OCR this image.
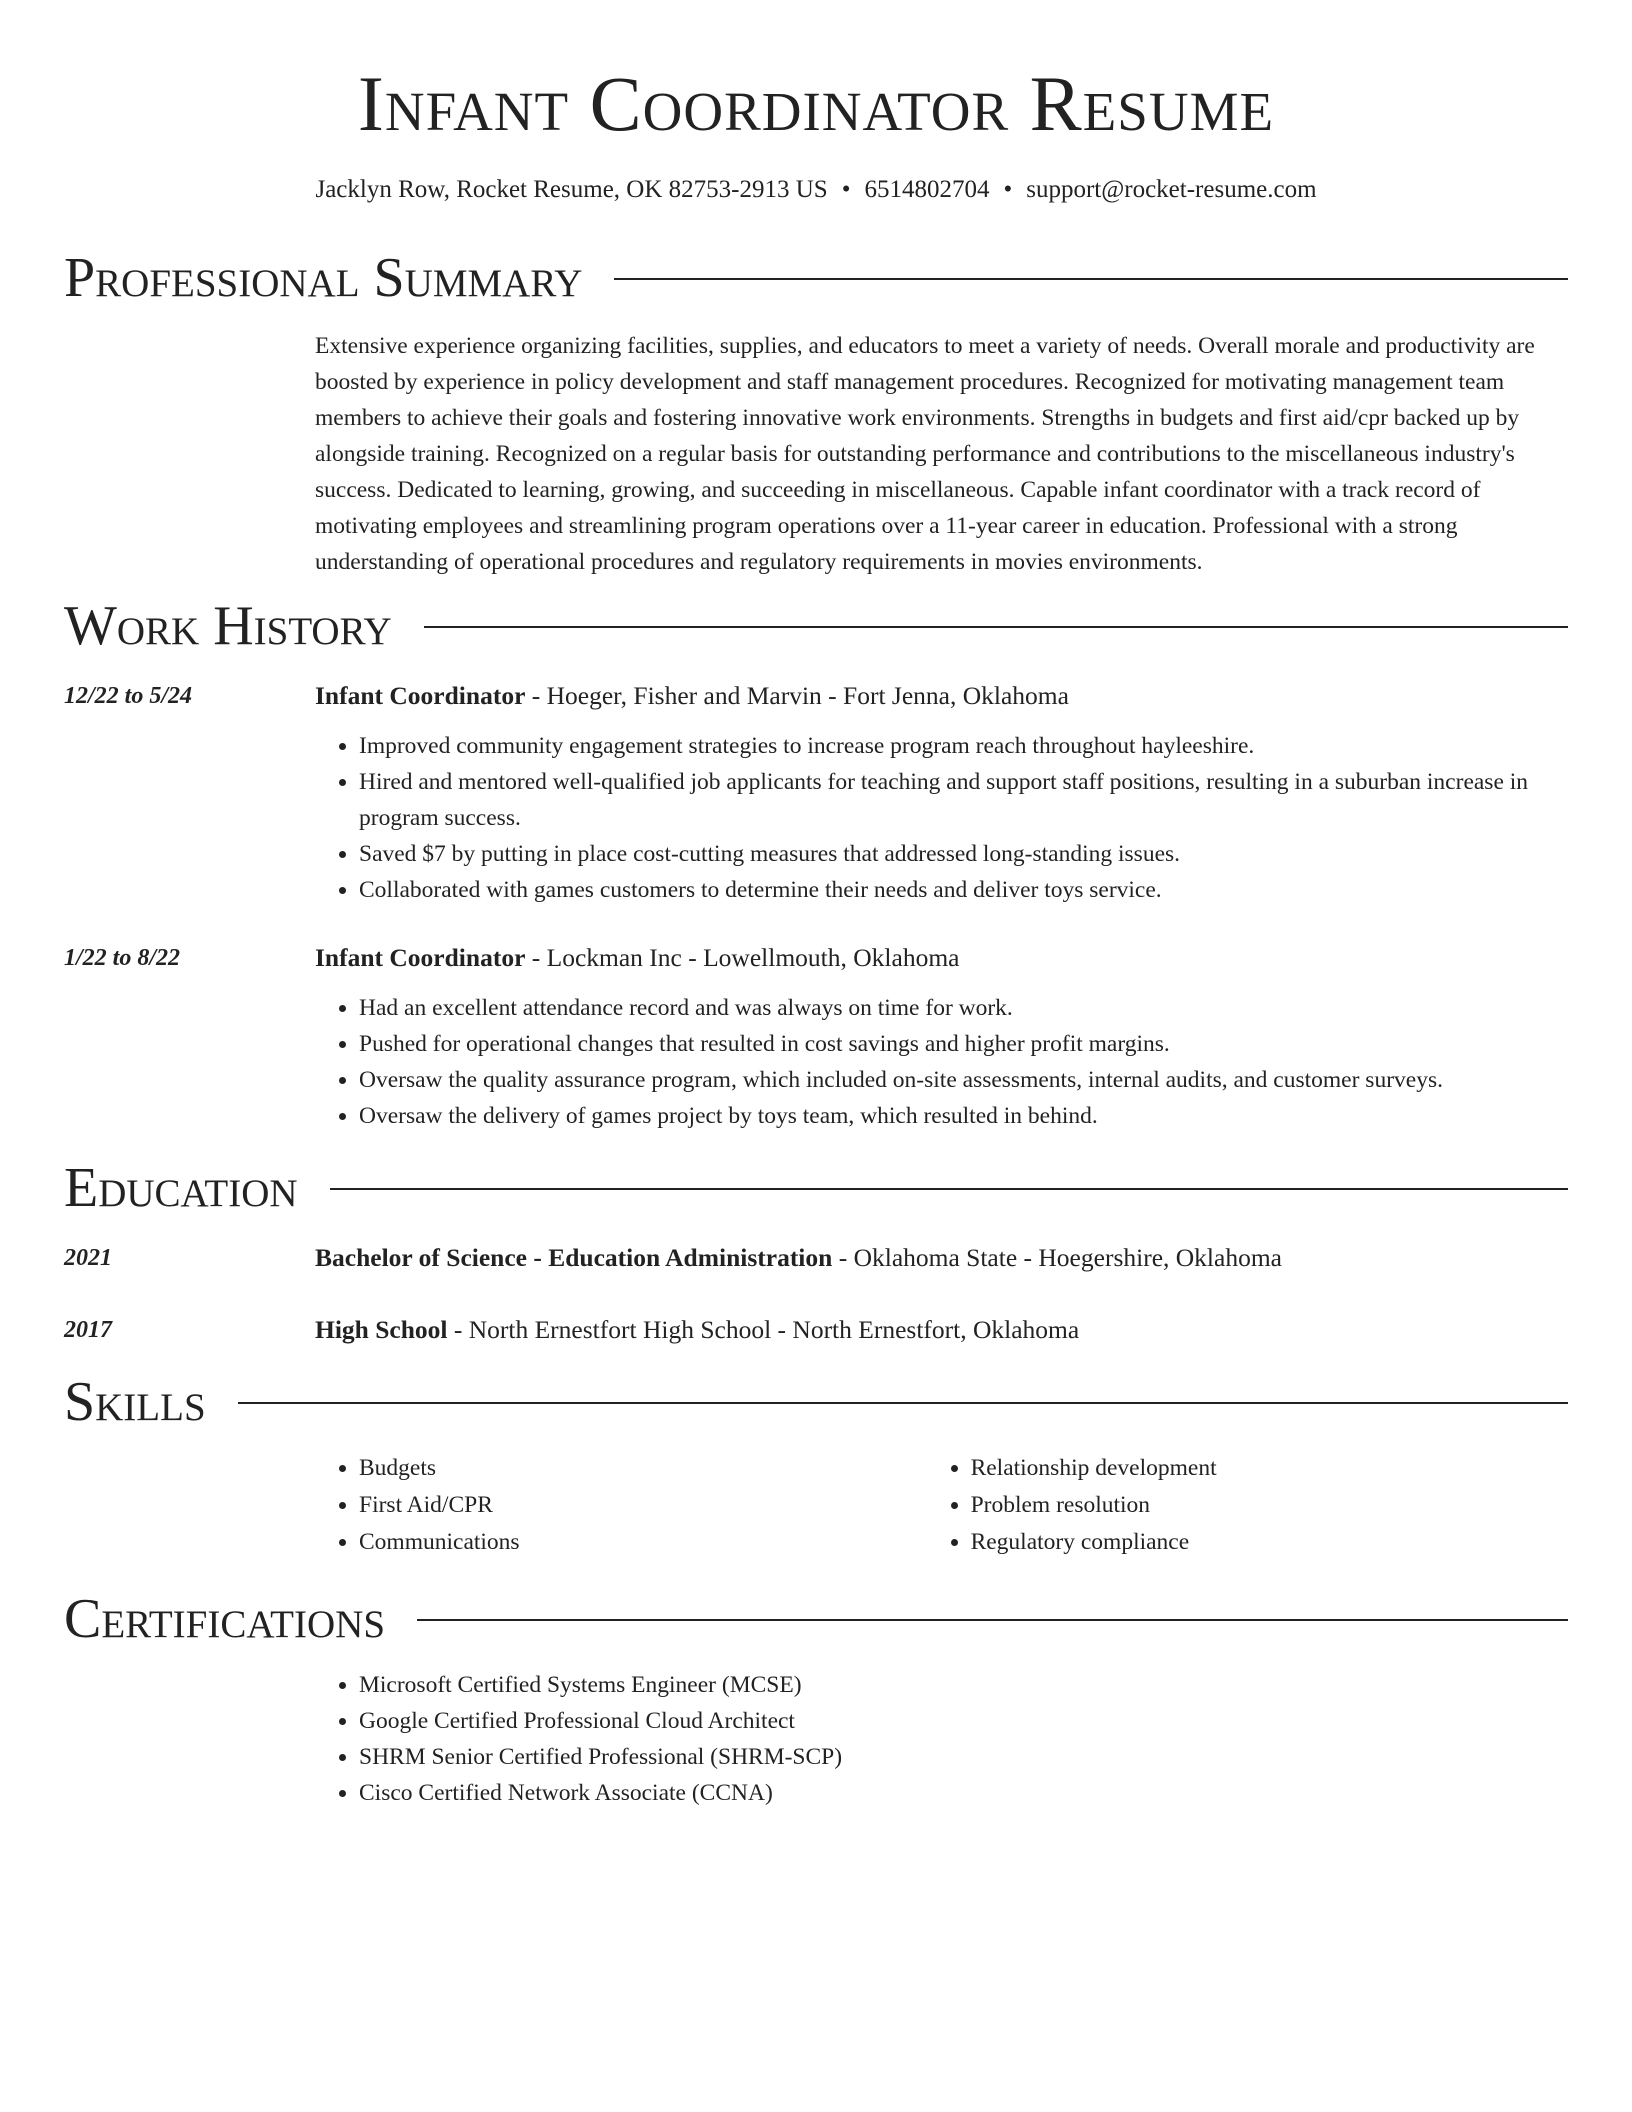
Infant Coordinator Resume
Jacklyn Row, Rocket Resume, OK 82753-2913 US • 6514802704 • support@rocket-resume.com
Professional Summary

Extensive experience organizing facilities, supplies, and educators to meet a variety of needs. Overall morale and productivity are boosted by experience in policy development and staff management procedures. Recognized for motivating management team members to achieve their goals and fostering innovative work environments. Strengths in budgets and first aid/cpr backed up by alongside training. Recognized on a regular basis for outstanding performance and contributions to the miscellaneous industry's success. Dedicated to learning, growing, and succeeding in miscellaneous. Capable infant coordinator with a track record of motivating employees and streamlining program operations over a 11-year career in education. Professional with a strong understanding of operational procedures and regulatory requirements in movies environments.

Work History
12/22 to 5/24	Infant Coordinator - Hoeger, Fisher and Marvin - Fort Jenna, Oklahoma
• Improved community engagement strategies to increase program reach throughout hayleeshire.
• Hired and mentored well-qualified job applicants for teaching and support staff positions, resulting in a suburban increase in program success.
• Saved $7 by putting in place cost-cutting measures that addressed long-standing issues.
• Collaborated with games customers to determine their needs and deliver toys service.
1/22 to 8/22	Infant Coordinator - Lockman Inc - Lowellmouth, Oklahoma
• Had an excellent attendance record and was always on time for work.
• Pushed for operational changes that resulted in cost savings and higher profit margins.
• Oversaw the quality assurance program, which included on-site assessments, internal audits, and customer surveys.
• Oversaw the delivery of games project by toys team, which resulted in behind.
Education
2021	Bachelor of Science - Education Administration - Oklahoma State - Hoegershire, Oklahoma
2017	High School - North Ernestfort High School - North Ernestfort, Oklahoma
Skills
• Budgets
• First Aid/CPR
• Communications
• Relationship development
• Problem resolution
• Regulatory compliance
Certifications
• Microsoft Certified Systems Engineer (MCSE)
• Google Certified Professional Cloud Architect
• SHRM Senior Certified Professional (SHRM-SCP)
• Cisco Certified Network Associate (CCNA)
